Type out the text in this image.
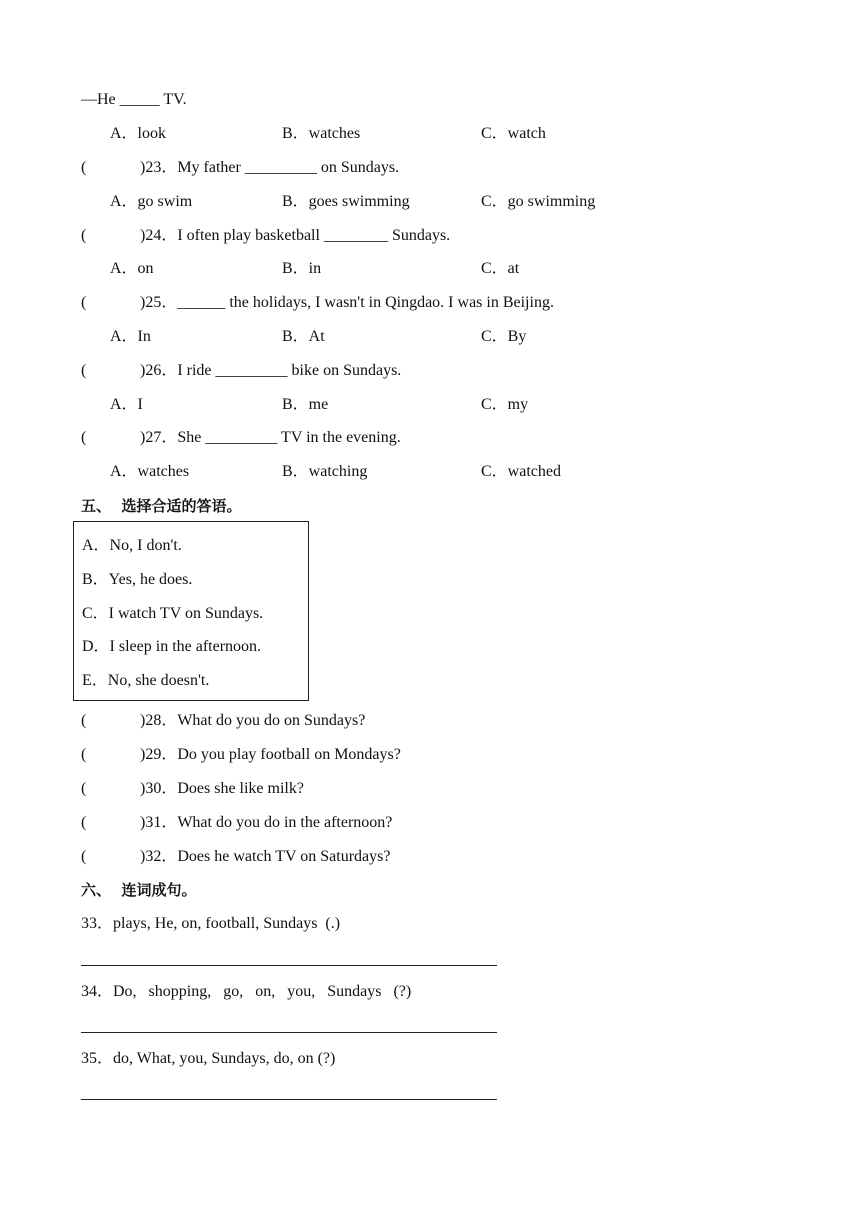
—He _____ TV.
A．look	B．watches	C．watch
(	)23．My father _________ on Sundays.
A．go swim	B．goes swimming	C．go swimming
(	)24．I often play basketball ________ Sundays.
A．on	B．in	C．at
(	)25．______ the holidays, I wasn't in Qingdao. I was in Beijing.
A．In	B．At	C．By
(	)26．I ride _________ bike on Sundays.
A．I	B．me	C．my
(	)27．She _________ TV in the evening.
A．watches	B．watching	C．watched
五、  选择合适的答语。
A．No, I don't.
B．Yes, he does.
C．I watch TV on Sundays.
D．I sleep in the afternoon.
E．No, she doesn't.
(	)28．What do you do on Sundays?
(	)29．Do you play football on Mondays?
(	)30．Does she like milk?
(	)31．What do you do in the afternoon?
(	)32．Does he watch TV on Saturdays?
六、  连词成句。
33．plays, He, on, football, Sundays  (.)
34．Do,   shopping,   go,   on,   you,   Sundays   (?)
35．do, What, you, Sundays, do, on (?)
